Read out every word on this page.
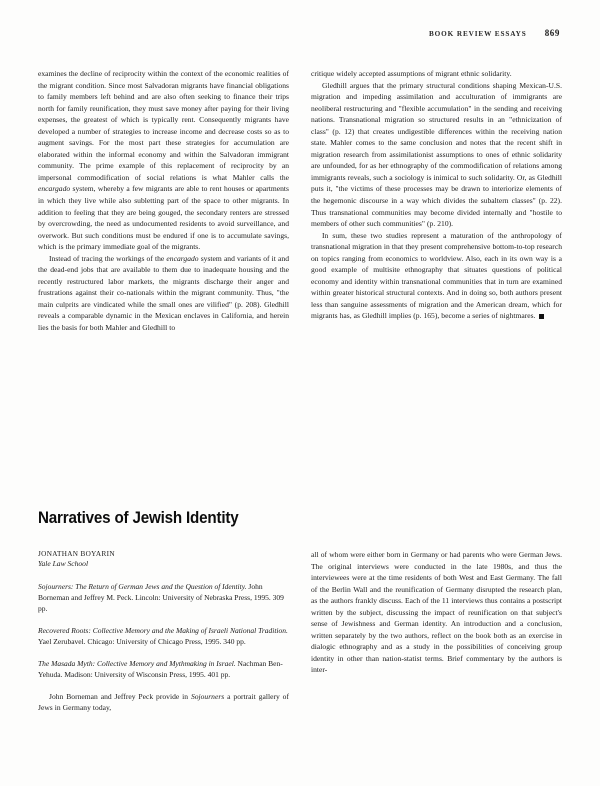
BOOK REVIEW ESSAYS 869

examines the decline of reciprocity within the context of the economic realities of the migrant condition. Since most Salvadoran migrants have financial obligations to family members left behind and are also often seeking to finance their trips north for family reunification, they must save money after paying for their living expenses, the greatest of which is typically rent. Consequently migrants have developed a number of strategies to increase income and decrease costs so as to augment savings. For the most part these strategies for accumulation are elaborated within the informal economy and within the Salvadoran immigrant community. The prime example of this replacement of reciprocity by an impersonal commodification of social relations is what Mahler calls the encargado system, whereby a few migrants are able to rent houses or apartments in which they live while also subletting part of the space to other migrants. In addition to feeling that they are being gouged, the secondary renters are stressed by overcrowding, the need as undocumented residents to avoid surveillance, and overwork. But such conditions must be endured if one is to accumulate savings, which is the primary immediate goal of the migrants.

Instead of tracing the workings of the encargado system and variants of it and the dead-end jobs that are available to them due to inadequate housing and the recently restructured labor markets, the migrants discharge their anger and frustrations against their co-nationals within the migrant community. Thus, "the main culprits are vindicated while the small ones are vilified" (p. 208). Gledhill reveals a comparable dynamic in the Mexican enclaves in California, and herein lies the basis for both Mahler and Gledhill to

critique widely accepted assumptions of migrant ethnic solidarity.

Gledhill argues that the primary structural conditions shaping Mexican-U.S. migration and impeding assimilation and acculturation of immigrants are neoliberal restructuring and "flexible accumulation" in the sending and receiving nations. Transnational migration so structured results in an "ethnicization of class" (p. 12) that creates undigestible differences within the receiving nation state. Mahler comes to the same conclusion and notes that the recent shift in migration research from assimilationist assumptions to ones of ethnic solidarity are unfounded, for as her ethnography of the commodification of relations among immigrants reveals, such a sociology is inimical to such solidarity. Or, as Gledhill puts it, "the victims of these processes may be drawn to interiorize elements of the hegemonic discourse in a way which divides the subaltern classes" (p. 22). Thus transnational communities may become divided internally and "hostile to members of other such communities" (p. 210).

In sum, these two studies represent a maturation of the anthropology of transnational migration in that they present comprehensive bottom-to-top research on topics ranging from economics to worldview. Also, each in its own way is a good example of multisite ethnography that situates questions of political economy and identity within transnational communities that in turn are examined within greater historical structural contexts. And in doing so, both authors present less than sanguine assessments of migration and the American dream, which for migrants has, as Gledhill implies (p. 165), become a series of nightmares.

Narratives of Jewish Identity
JONATHAN BOYARIN
Yale Law School
Sojourners: The Return of German Jews and the Question of Identity. John Borneman and Jeffrey M. Peck. Lincoln: University of Nebraska Press, 1995. 309 pp.
Recovered Roots: Collective Memory and the Making of Israeli National Tradition. Yael Zerubavel. Chicago: University of Chicago Press, 1995. 340 pp.
The Masada Myth: Collective Memory and Mythmaking in Israel. Nachman Ben-Yehuda. Madison: University of Wisconsin Press, 1995. 401 pp.

John Borneman and Jeffrey Peck provide in Sojourners a portrait gallery of Jews in Germany today,

all of whom were either born in Germany or had parents who were German Jews. The original interviews were conducted in the late 1980s, and thus the interviewees were at the time residents of both West and East Germany. The fall of the Berlin Wall and the reunification of Germany disrupted the research plan, as the authors frankly discuss. Each of the 11 interviews thus contains a postscript written by the subject, discussing the impact of reunification on that subject's sense of Jewishness and German identity. An introduction and a conclusion, written separately by the two authors, reflect on the book both as an exercise in dialogic ethnography and as a study in the possibilities of conceiving group identity in other than nation-statist terms. Brief commentary by the authors is inter-
